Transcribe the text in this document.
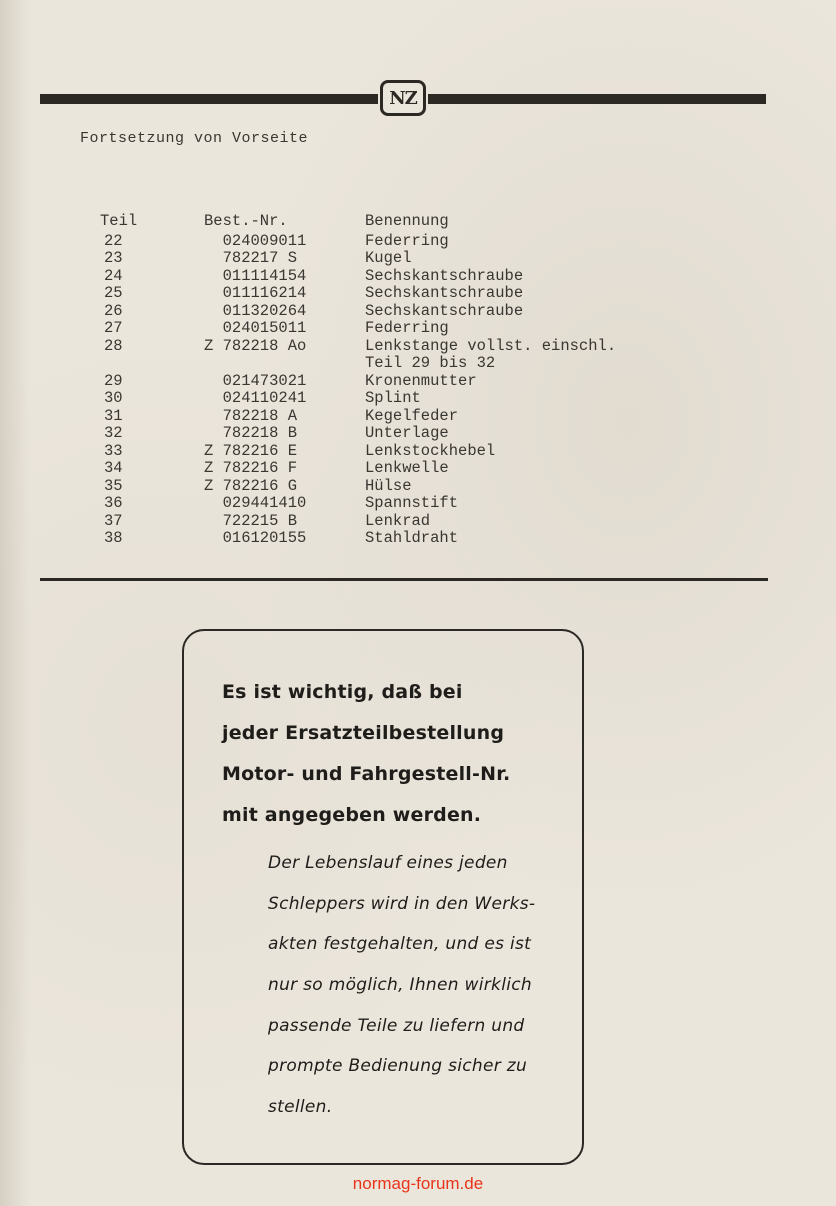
NZ
Fortsetzung von Vorseite
Teil	Best.-Nr.	Benennung
22	024009011	Federring
23	782217 S	Kugel
24	011114154	Sechskantschraube
25	011116214	Sechskantschraube
26	011320264	Sechskantschraube
27	024015011	Federring
28	Z 782218 Ao	Lenkstange vollst. einschl.
		Teil 29 bis 32
29	021473021	Kronenmutter
30	024110241	Splint
31	782218 A	Kegelfeder
32	782218 B	Unterlage
33	Z 782216 E	Lenkstockhebel
34	Z 782216 F	Lenkwelle
35	Z 782216 G	Hülse
36	029441410	Spannstift
37	722215 B	Lenkrad
38	016120155	Stahldraht
Es ist wichtig, daß bei
jeder Ersatzteilbestellung
Motor- und Fahrgestell-Nr.
mit angegeben werden.
Der Lebenslauf eines jeden
Schleppers wird in den Werks-
akten festgehalten, und es ist
nur so möglich, Ihnen wirklich
passende Teile zu liefern und
prompte Bedienung sicher zu
stellen.
normag-forum.de
